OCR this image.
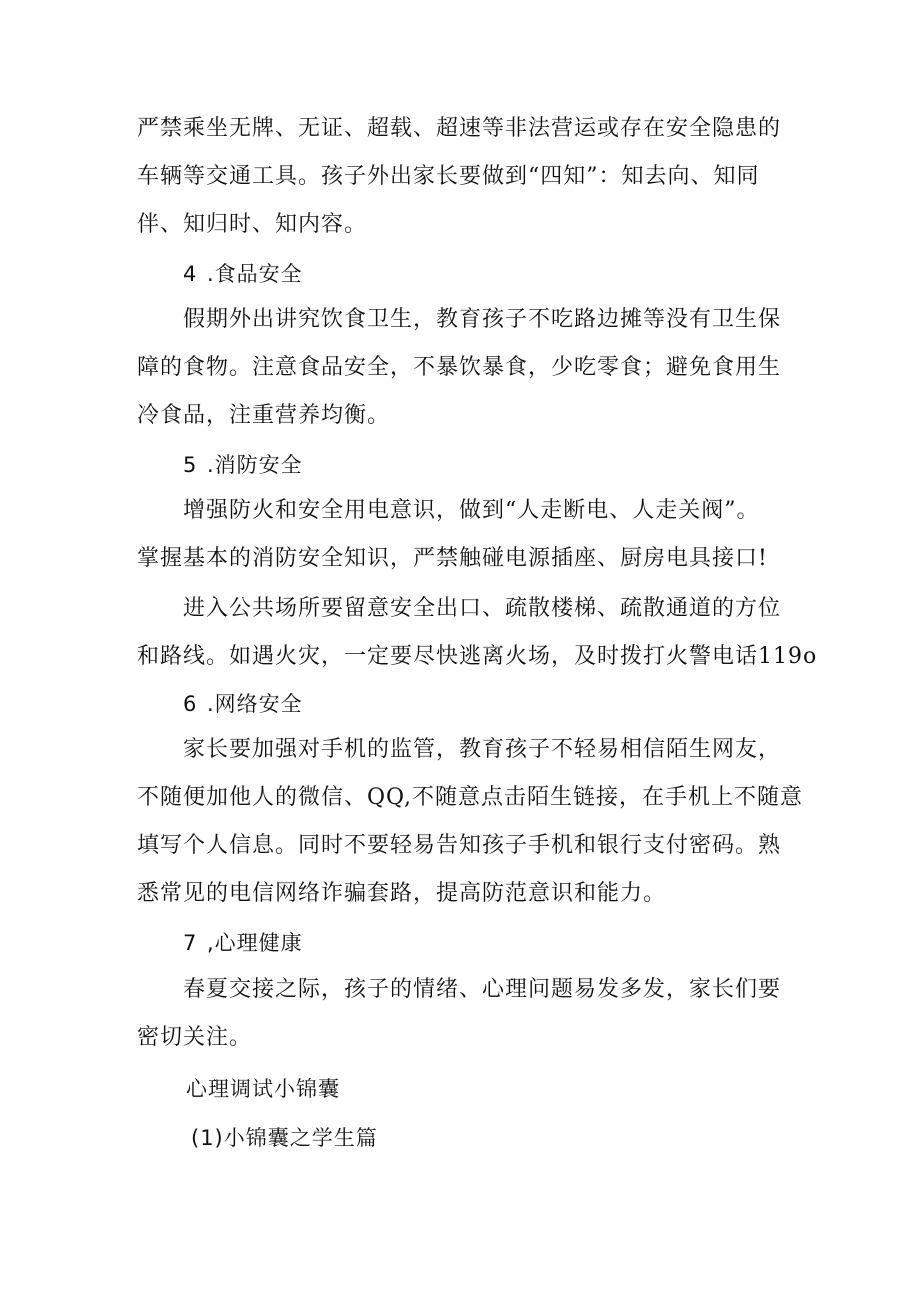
严禁乘坐无牌、无证、超载、超速等非法营运或存在安全隐患的
车辆等交通工具。孩子外出家长要做到“四知”：知去向、知同
伴、知归时、知内容。
4 .食品安全
假期外出讲究饮食卫生，教育孩子不吃路边摊等没有卫生保
障的食物。注意食品安全，不暴饮暴食，少吃零食；避免食用生
冷食品，注重营养均衡。
5 .消防安全
增强防火和安全用电意识，做到“人走断电、人走关阀”。
掌握基本的消防安全知识，严禁触碰电源插座、厨房电具接口!
进入公共场所要留意安全出口、疏散楼梯、疏散通道的方位
和路线。如遇火灾，一定要尽快逃离火场，及时拨打火警电话119o
6 .网络安全
家长要加强对手机的监管，教育孩子不轻易相信陌生网友，
不随便加他人的微信、QQ,不随意点击陌生链接，在手机上不随意
填写个人信息。同时不要轻易告知孩子手机和银行支付密码。熟
悉常见的电信网络诈骗套路，提高防范意识和能力。
7 ,心理健康
春夏交接之际，孩子的情绪、心理问题易发多发，家长们要
密切关注。
心理调试小锦囊
(1)小锦囊之学生篇
